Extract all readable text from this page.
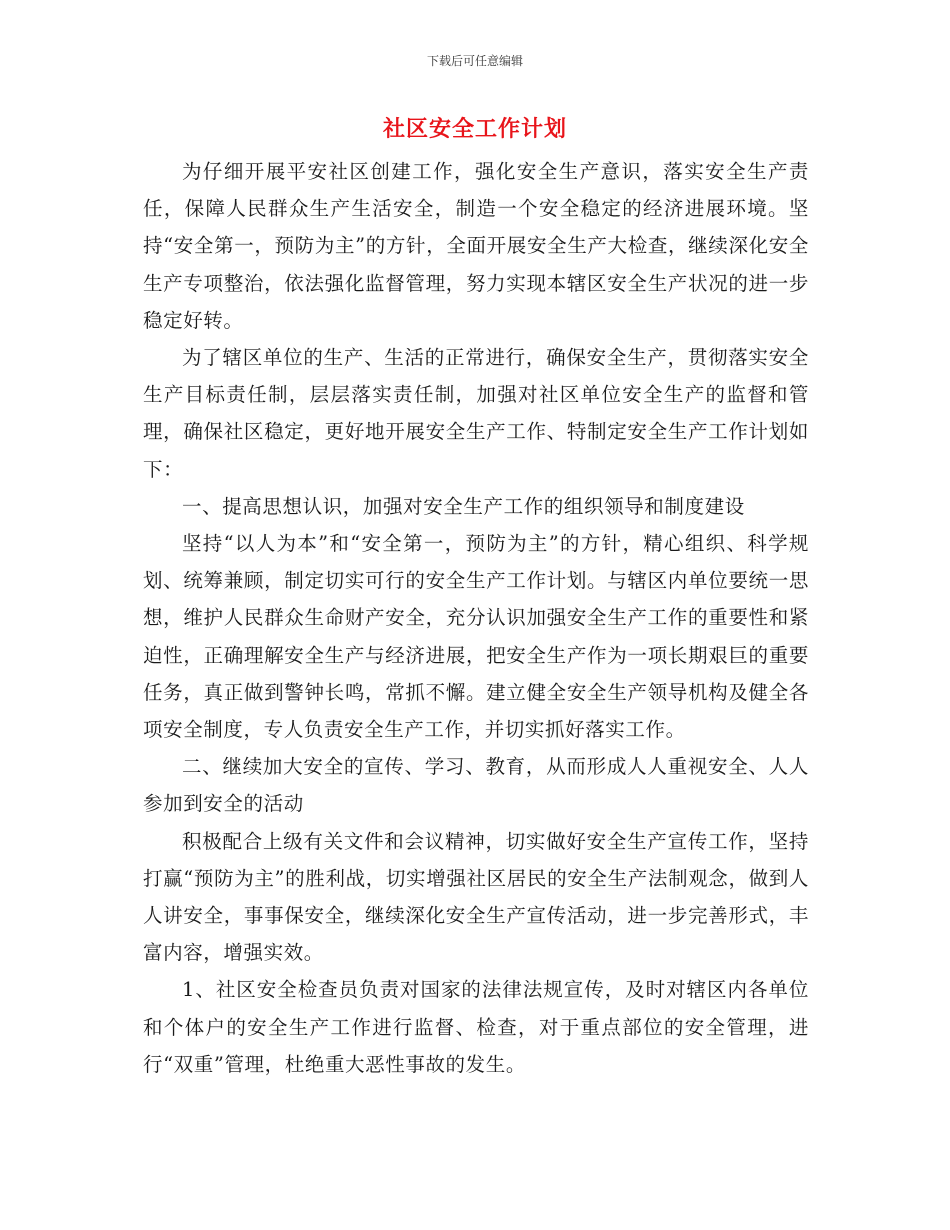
下载后可任意编辑
社区安全工作计划

为仔细开展平安社区创建工作，强化安全生产意识，落实安全生产责任，保障人民群众生产生活安全，制造一个安全稳定的经济进展环境。坚持“安全第一，预防为主”的方针，全面开展安全生产大检查，继续深化安全生产专项整治，依法强化监督管理，努力实现本辖区安全生产状况的进一步稳定好转。

为了辖区单位的生产、生活的正常进行，确保安全生产，贯彻落实安全生产目标责任制，层层落实责任制，加强对社区单位安全生产的监督和管理，确保社区稳定，更好地开展安全生产工作、特制定安全生产工作计划如下：

一、提高思想认识，加强对安全生产工作的组织领导和制度建设

坚持“以人为本”和“安全第一，预防为主”的方针，精心组织、科学规划、统筹兼顾，制定切实可行的安全生产工作计划。与辖区内单位要统一思想，维护人民群众生命财产安全，充分认识加强安全生产工作的重要性和紧迫性，正确理解安全生产与经济进展，把安全生产作为一项长期艰巨的重要任务，真正做到警钟长鸣，常抓不懈。建立健全安全生产领导机构及健全各项安全制度，专人负责安全生产工作，并切实抓好落实工作。

二、继续加大安全的宣传、学习、教育，从而形成人人重视安全、人人参加到安全的活动

积极配合上级有关文件和会议精神，切实做好安全生产宣传工作，坚持打赢“预防为主”的胜利战，切实增强社区居民的安全生产法制观念，做到人人讲安全，事事保安全，继续深化安全生产宣传活动，进一步完善形式，丰富内容，增强实效。

1、社区安全检查员负责对国家的法律法规宣传，及时对辖区内各单位和个体户的安全生产工作进行监督、检查，对于重点部位的安全管理，进行“双重”管理，杜绝重大恶性事故的发生。
